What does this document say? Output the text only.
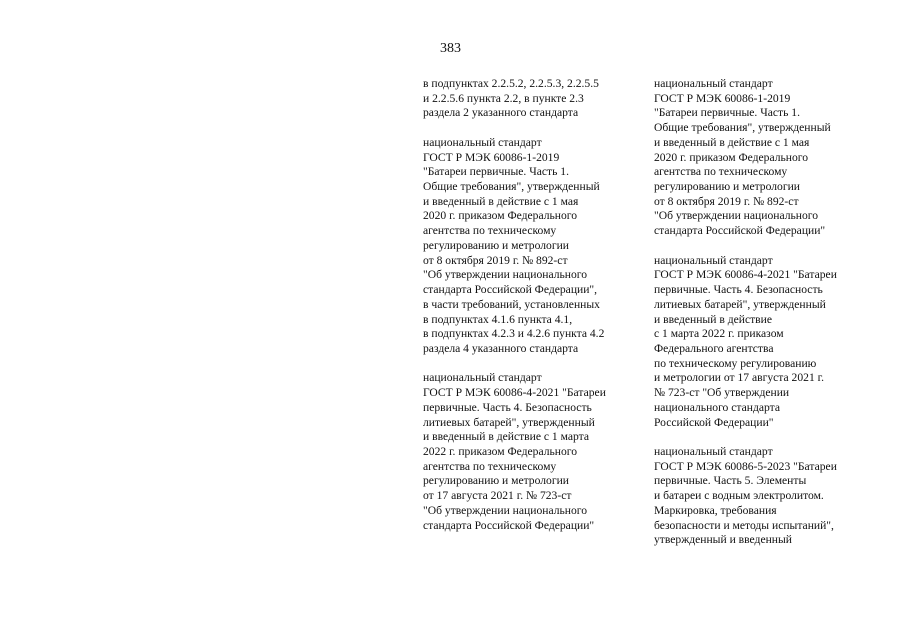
383
в подпунктах 2.2.5.2, 2.2.5.3, 2.2.5.5
и 2.2.5.6 пункта 2.2, в пункте 2.3
раздела 2 указанного стандарта
национальный стандарт
ГОСТ Р МЭК 60086-1-2019
"Батареи первичные. Часть 1.
Общие требования", утвержденный
и введенный в действие с 1 мая
2020 г. приказом Федерального
агентства по техническому
регулированию и метрологии
от 8 октября 2019 г. № 892-ст
"Об утверждении национального
стандарта Российской Федерации",
в части требований, установленных
в подпунктах 4.1.6 пункта 4.1,
в подпунктах 4.2.3 и 4.2.6 пункта 4.2
раздела 4 указанного стандарта
национальный стандарт
ГОСТ Р МЭК 60086-4-2021 "Батареи
первичные. Часть 4. Безопасность
литиевых батарей", утвержденный
и введенный в действие с 1 марта
2022 г. приказом Федерального
агентства по техническому
регулированию и метрологии
от 17 августа 2021 г. № 723-ст
"Об утверждении национального
стандарта Российской Федерации"
национальный стандарт
ГОСТ Р МЭК 60086-1-2019
"Батареи первичные. Часть 1.
Общие требования", утвержденный
и введенный в действие с 1 мая
2020 г. приказом Федерального
агентства по техническому
регулированию и метрологии
от 8 октября 2019 г. № 892-ст
"Об утверждении национального
стандарта Российской Федерации"
национальный стандарт
ГОСТ Р МЭК 60086-4-2021 "Батареи
первичные. Часть 4. Безопасность
литиевых батарей", утвержденный
и введенный в действие
с 1 марта 2022 г. приказом
Федерального агентства
по техническому регулированию
и метрологии от 17 августа 2021 г.
№ 723-ст "Об утверждении
национального стандарта
Российской Федерации"
национальный стандарт
ГОСТ Р МЭК 60086-5-2023 "Батареи
первичные. Часть 5. Элементы
и батареи с водным электролитом.
Маркировка, требования
безопасности и методы испытаний",
утвержденный и введенный
